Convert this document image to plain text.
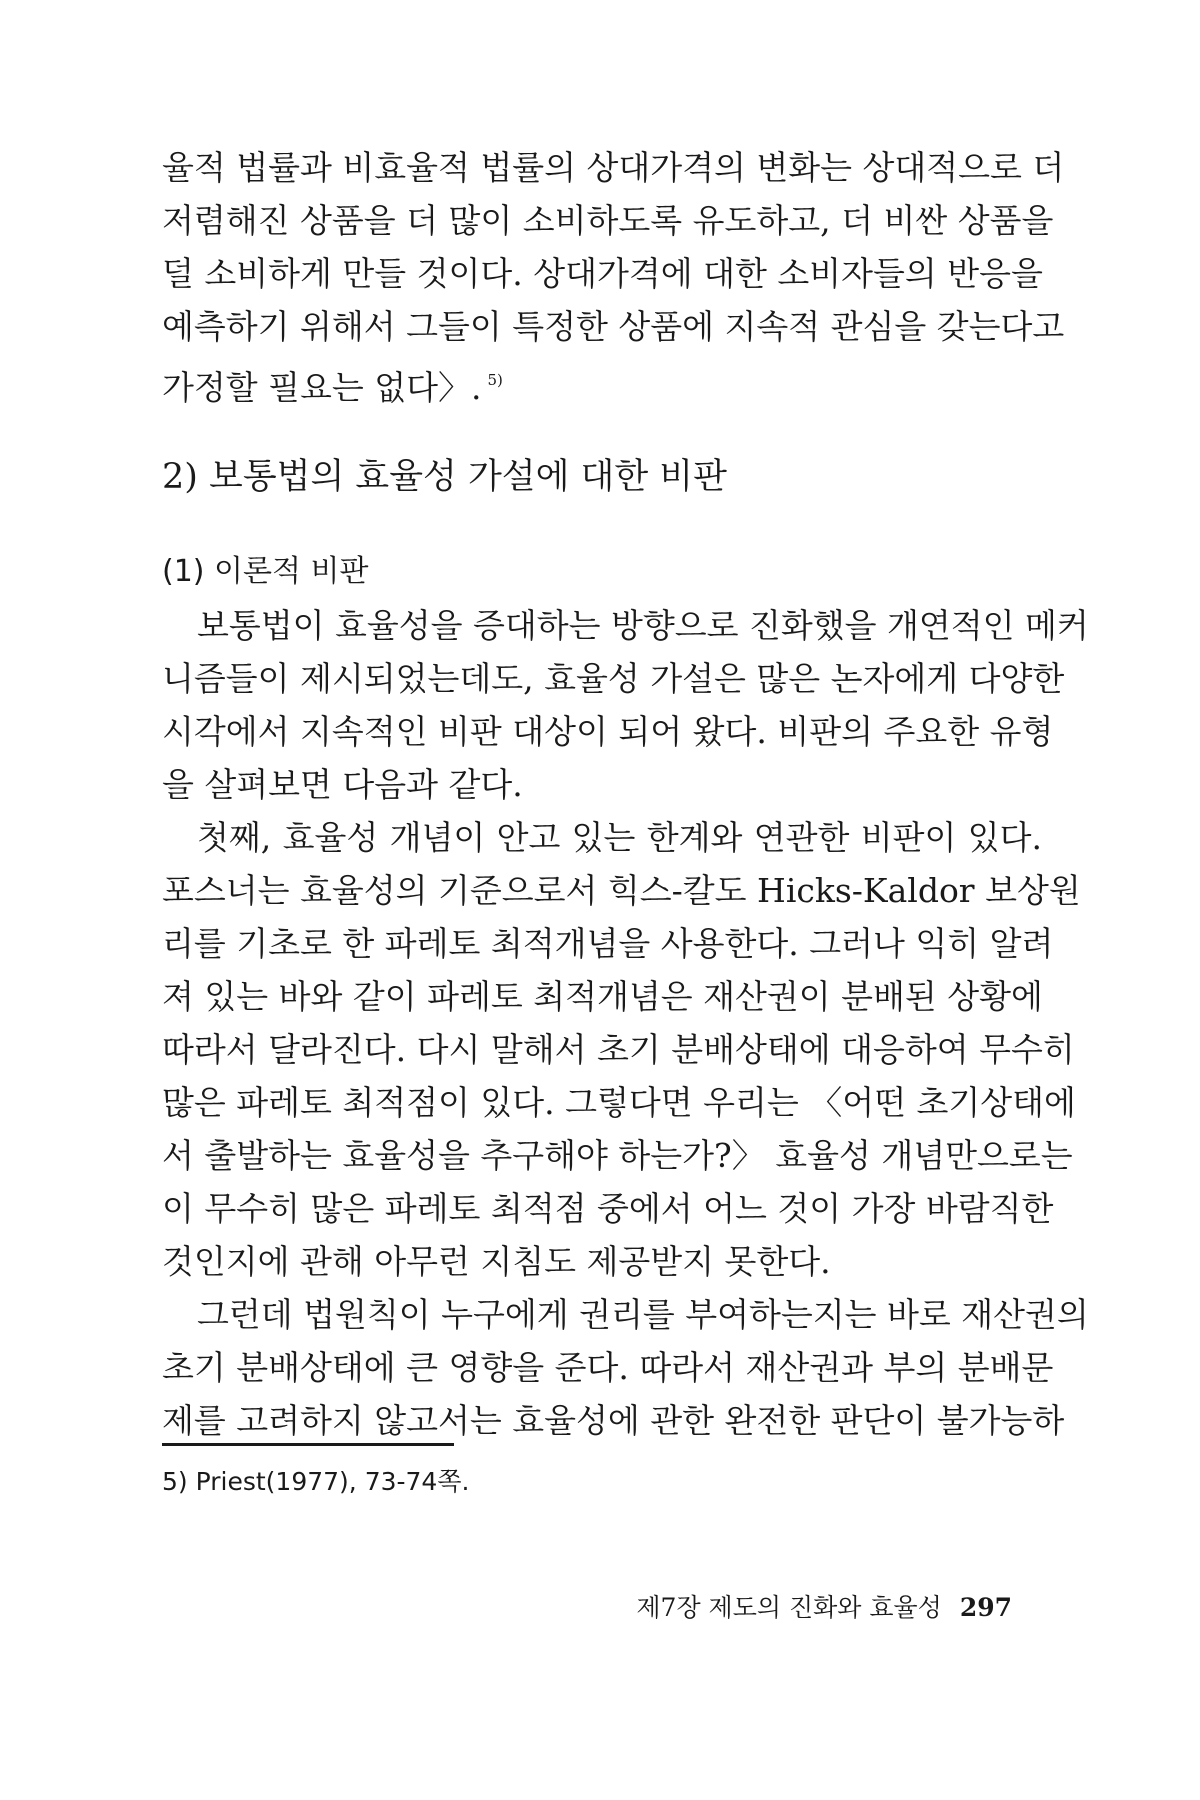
율적 법률과 비효율적 법률의 상대가격의 변화는 상대적으로 더
저렴해진 상품을 더 많이 소비하도록 유도하고, 더 비싼 상품을
덜 소비하게 만들 것이다. 상대가격에 대한 소비자들의 반응을
예측하기 위해서 그들이 특정한 상품에 지속적 관심을 갖는다고
가정할 필요는 없다〉. $^{5)}$
2) 보통법의 효율성 가설에 대한 비판
(1) 이론적 비판
보통법이 효율성을 증대하는 방향으로 진화했을 개연적인 메커
니즘들이 제시되었는데도, 효율성 가설은 많은 논자에게 다양한
시각에서 지속적인 비판 대상이 되어 왔다. 비판의 주요한 유형
을 살펴보면 다음과 같다.
첫째, 효율성 개념이 안고 있는 한계와 연관한 비판이 있다.
포스너는 효율성의 기준으로서 힉스-칼도 Hicks-Kaldor 보상원
리를 기초로 한 파레토 최적개념을 사용한다. 그러나 익히 알려
져 있는 바와 같이 파레토 최적개념은 재산권이 분배된 상황에
따라서 달라진다. 다시 말해서 초기 분배상태에 대응하여 무수히
많은 파레토 최적점이 있다. 그렇다면 우리는 〈어떤 초기상태에
서 출발하는 효율성을 추구해야 하는가?〉 효율성 개념만으로는
이 무수히 많은 파레토 최적점 중에서 어느 것이 가장 바람직한
것인지에 관해 아무런 지침도 제공받지 못한다.
그런데 법원칙이 누구에게 권리를 부여하는지는 바로 재산권의
초기 분배상태에 큰 영향을 준다. 따라서 재산권과 부의 분배문
제를 고려하지 않고서는 효율성에 관한 완전한 판단이 불가능하
5) Priest(1977), 73-74쪽.
제7장 제도의 진화와 효율성 297
